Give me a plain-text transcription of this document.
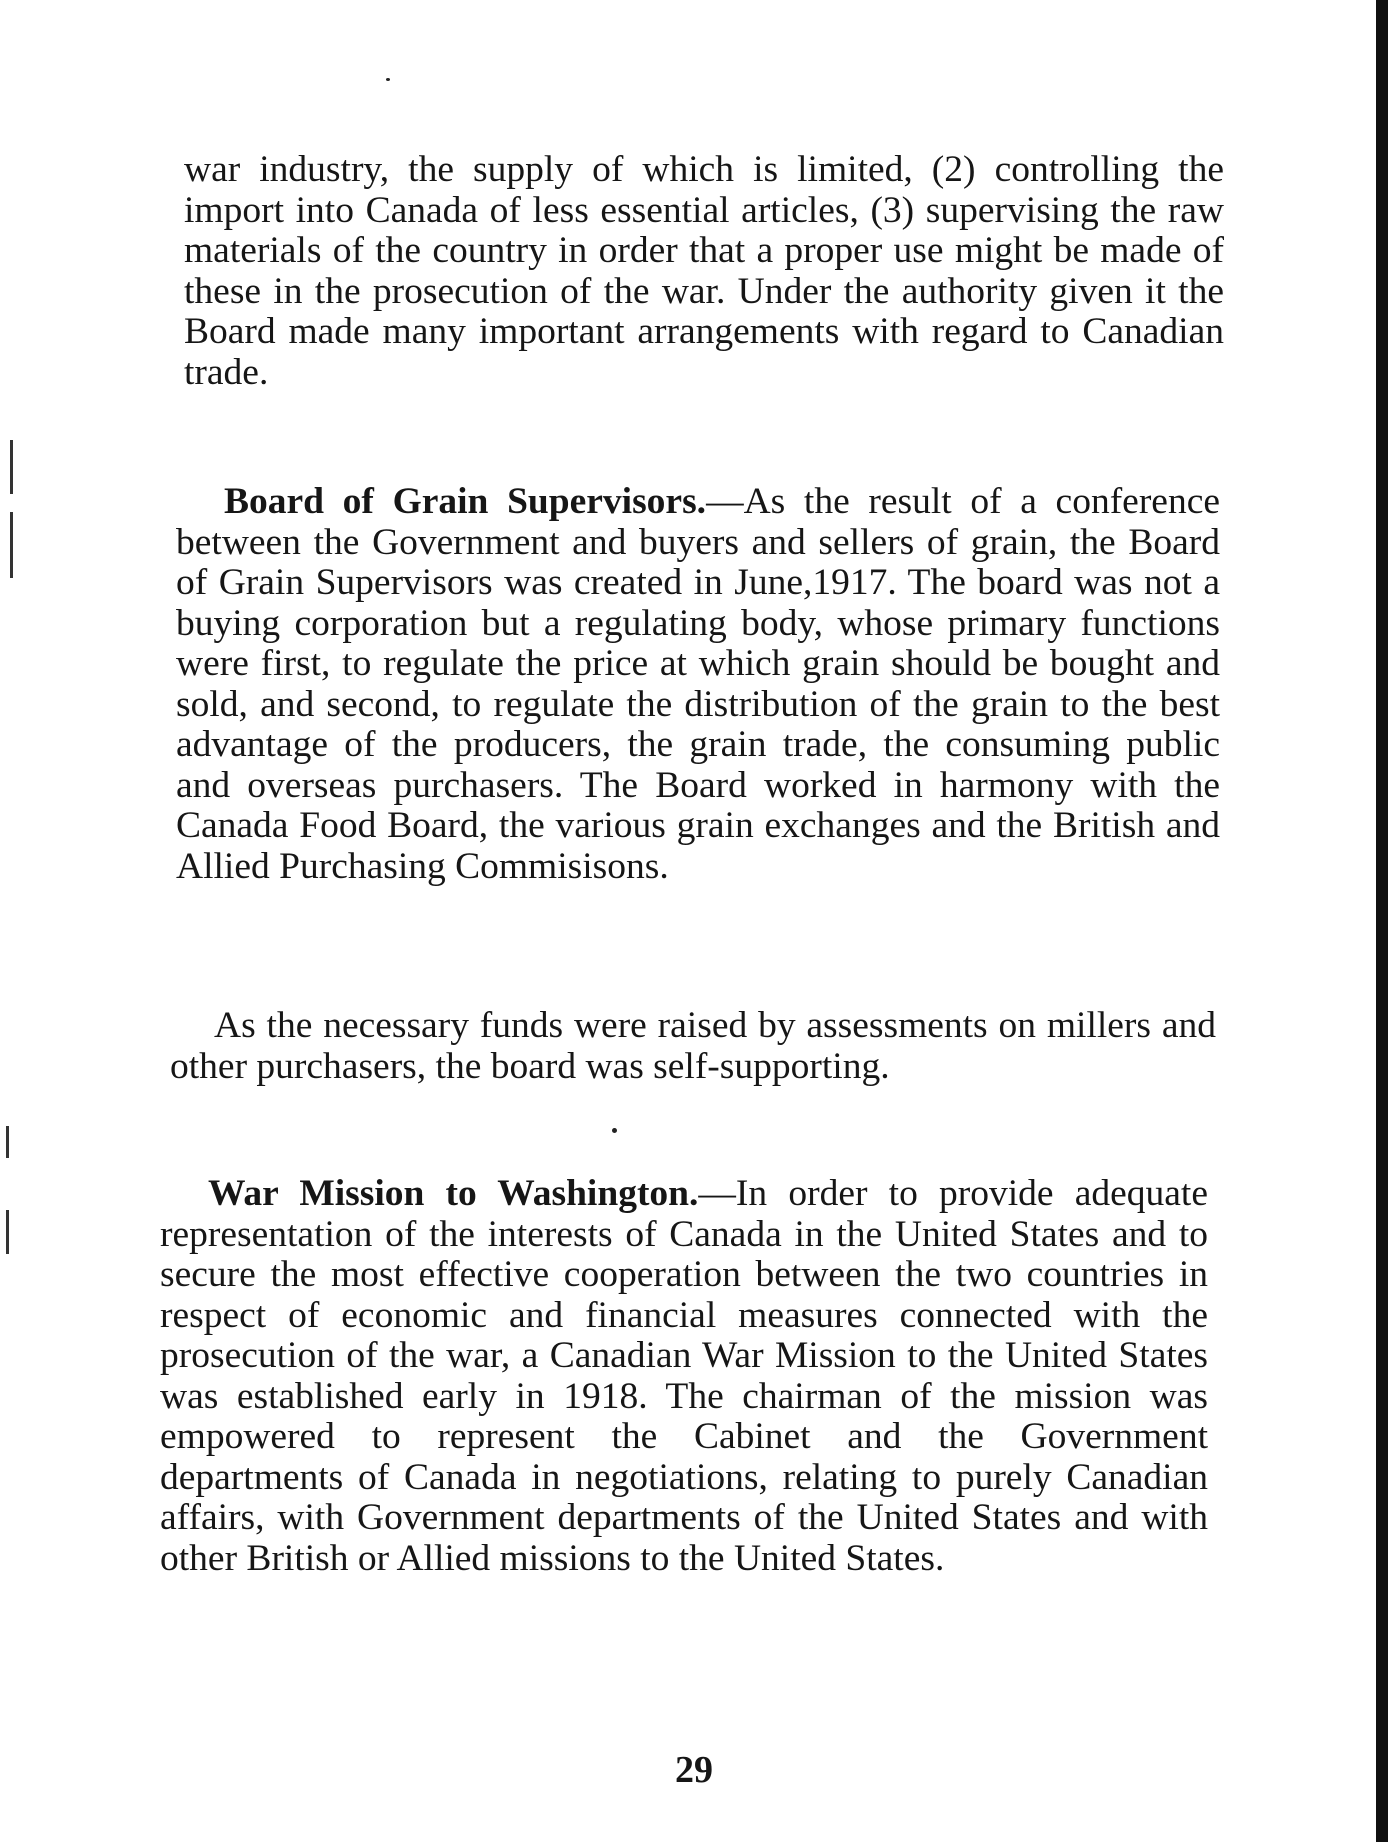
war industry, the supply of which is limited, (2) controlling the import into Canada of less essential articles, (3) supervising the raw materials of the country in order that a proper use might be made of these in the prosecution of the war. Under the authority given it the Board made many important arrangements with regard to Canadian trade.

Board of Grain Supervisors.—As the result of a conference between the Government and buyers and sellers of grain, the Board of Grain Supervisors was created in June,1917. The board was not a buying corporation but a regulating body, whose primary functions were first, to regulate the price at which grain should be bought and sold, and second, to regulate the distribution of the grain to the best advantage of the producers, the grain trade, the consuming public and overseas purchasers. The Board worked in harmony with the Canada Food Board, the various grain exchanges and the British and Allied Purchasing Commisisons.

As the necessary funds were raised by assessments on millers and other purchasers, the board was self-supporting.

War Mission to Washington.—In order to provide adequate representation of the interests of Canada in the United States and to secure the most effective cooperation between the two countries in respect of economic and financial measures connected with the prosecution of the war, a Canadian War Mission to the United States was established early in 1918. The chairman of the mission was empowered to represent the Cabinet and the Government departments of Canada in negotiations, relating to purely Canadian affairs, with Government departments of the United States and with other British or Allied missions to the United States.

29
